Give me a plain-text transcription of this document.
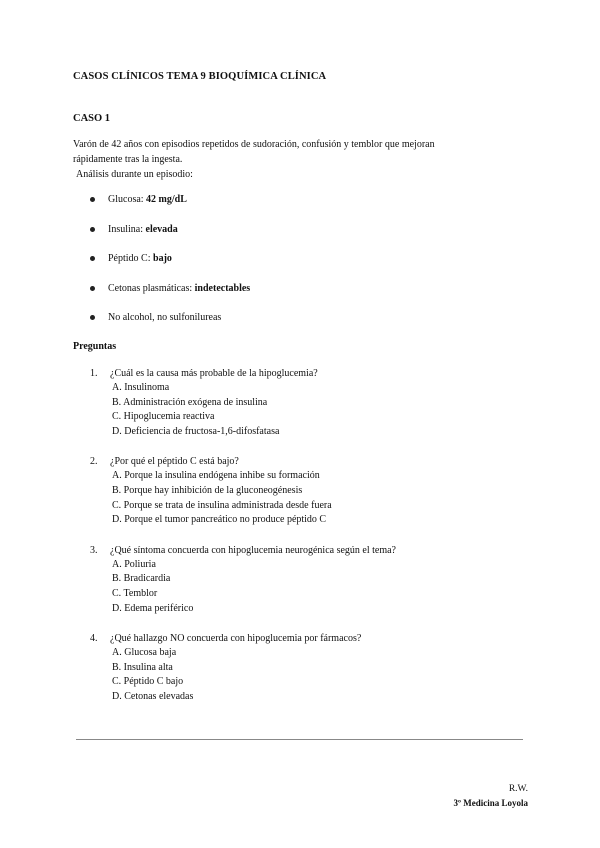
CASOS CLÍNICOS TEMA 9 BIOQUÍMICA CLÍNICA
CASO 1
Varón de 42 años con episodios repetidos de sudoración, confusión y temblor que mejoran
rápidamente tras la ingesta.
Análisis durante un episodio:
Glucosa: 42 mg/dL
Insulina: elevada
Péptido C: bajo
Cetonas plasmáticas: indetectables
No alcohol, no sulfonilureas
Preguntas
1. ¿Cuál es la causa más probable de la hipoglucemia?
A. Insulinoma
B. Administración exógena de insulina
C. Hipoglucemia reactiva
D. Deficiencia de fructosa-1,6-difosfatasa
2. ¿Por qué el péptido C está bajo?
A. Porque la insulina endógena inhibe su formación
B. Porque hay inhibición de la gluconeogénesis
C. Porque se trata de insulina administrada desde fuera
D. Porque el tumor pancreático no produce péptido C
3. ¿Qué síntoma concuerda con hipoglucemia neurogénica según el tema?
A. Poliuria
B. Bradicardia
C. Temblor
D. Edema periférico
4. ¿Qué hallazgo NO concuerda con hipoglucemia por fármacos?
A. Glucosa baja
B. Insulina alta
C. Péptido C bajo
D. Cetonas elevadas
R.W.
3º Medicina Loyola
